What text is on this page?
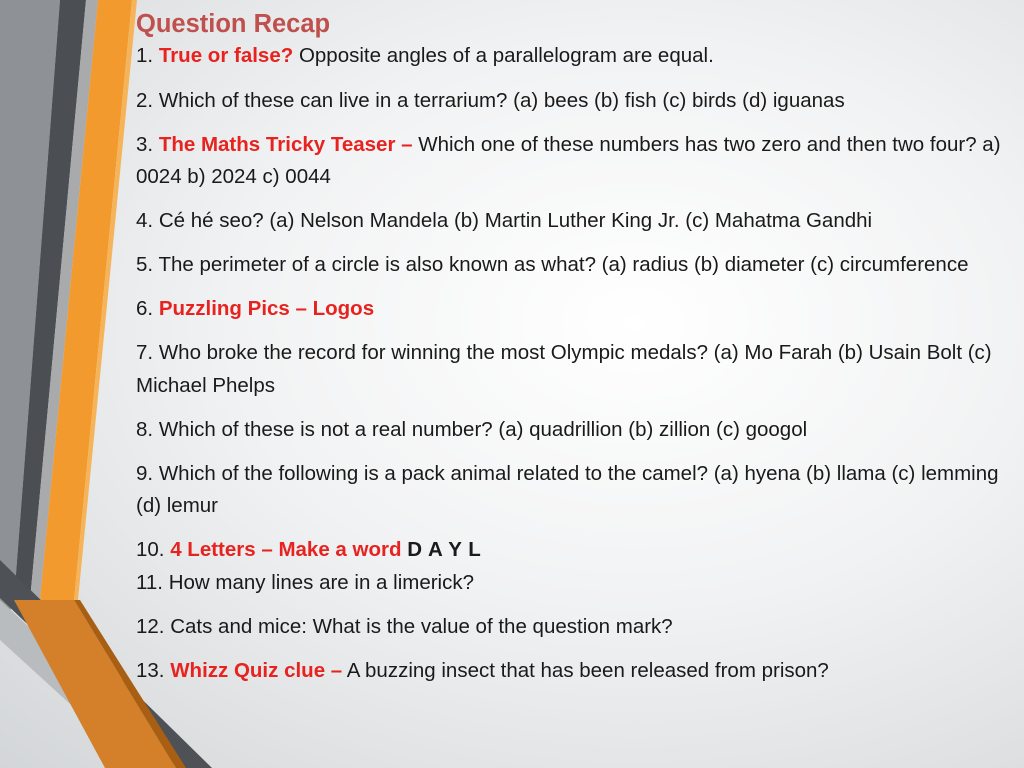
Question Recap
1. True or false? Opposite angles of a parallelogram are equal.
2. Which of these can live in a terrarium? (a) bees (b) fish (c) birds (d) iguanas
3. The Maths Tricky Teaser – Which one of these numbers has two zero and then two four? a) 0024 b) 2024 c) 0044
4. Cé hé seo? (a) Nelson Mandela (b) Martin Luther King Jr. (c) Mahatma Gandhi
5. The perimeter of a circle is also known as what? (a) radius (b) diameter (c) circumference
6. Puzzling Pics – Logos
7. Who broke the record for winning the most Olympic medals? (a) Mo Farah (b) Usain Bolt (c) Michael Phelps
8. Which of these is not a real number? (a) quadrillion (b) zillion (c) googol
9. Which of the following is a pack animal related to the camel? (a) hyena (b) llama (c) lemming (d) lemur
10. 4 Letters – Make a word D A Y L
11. How many lines are in a limerick?
12. Cats and mice: What is the value of the question mark?
13. Whizz Quiz clue – A buzzing insect that has been released from prison?
